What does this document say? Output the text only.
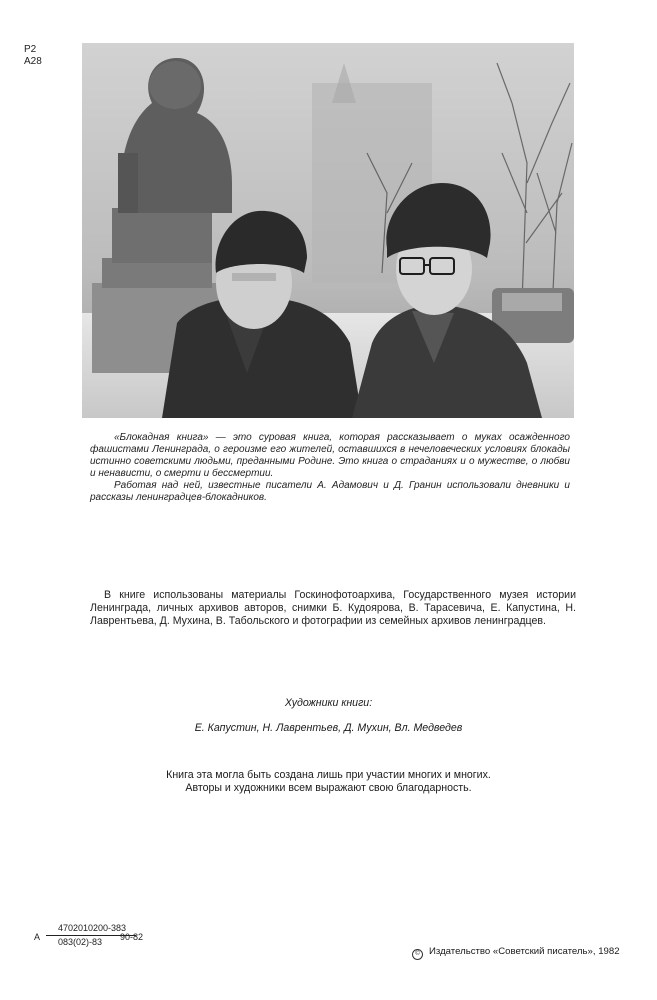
Р2
А28

«Блокадная книга» — это суровая книга, которая рассказывает о муках осажденного фашистами Ленинграда, о героизме его жителей, оставшихся в нечеловеческих условиях блокады истинно советскими людьми, преданными Родине. Это книга о страданиях и о мужестве, о любви и ненависти, о смерти и бессмертии.

Работая над ней, известные писатели А. Адамович и Д. Гранин использовали дневники и рассказы ленинградцев-блокадников.

В книге использованы материалы Госкинофотоархива, Государственного музея истории Ленинграда, личных архивов авторов, снимки Б. Кудоярова, В. Тарасевича, Е. Капустина, Н. Лаврентьева, Д. Мухина, В. Табольского и фотографии из семейных архивов ленинградцев.

Художники книги:
Е. Капустин, Н. Лаврентьев, Д. Мухин, Вл. Медведев
Книга эта могла быть создана лишь при участии многих и многих.
Авторы и художники всем выражают свою благодарность.
А
4702010200-383
083(02)-83	90-82
© Издательство «Советский писатель», 1982
